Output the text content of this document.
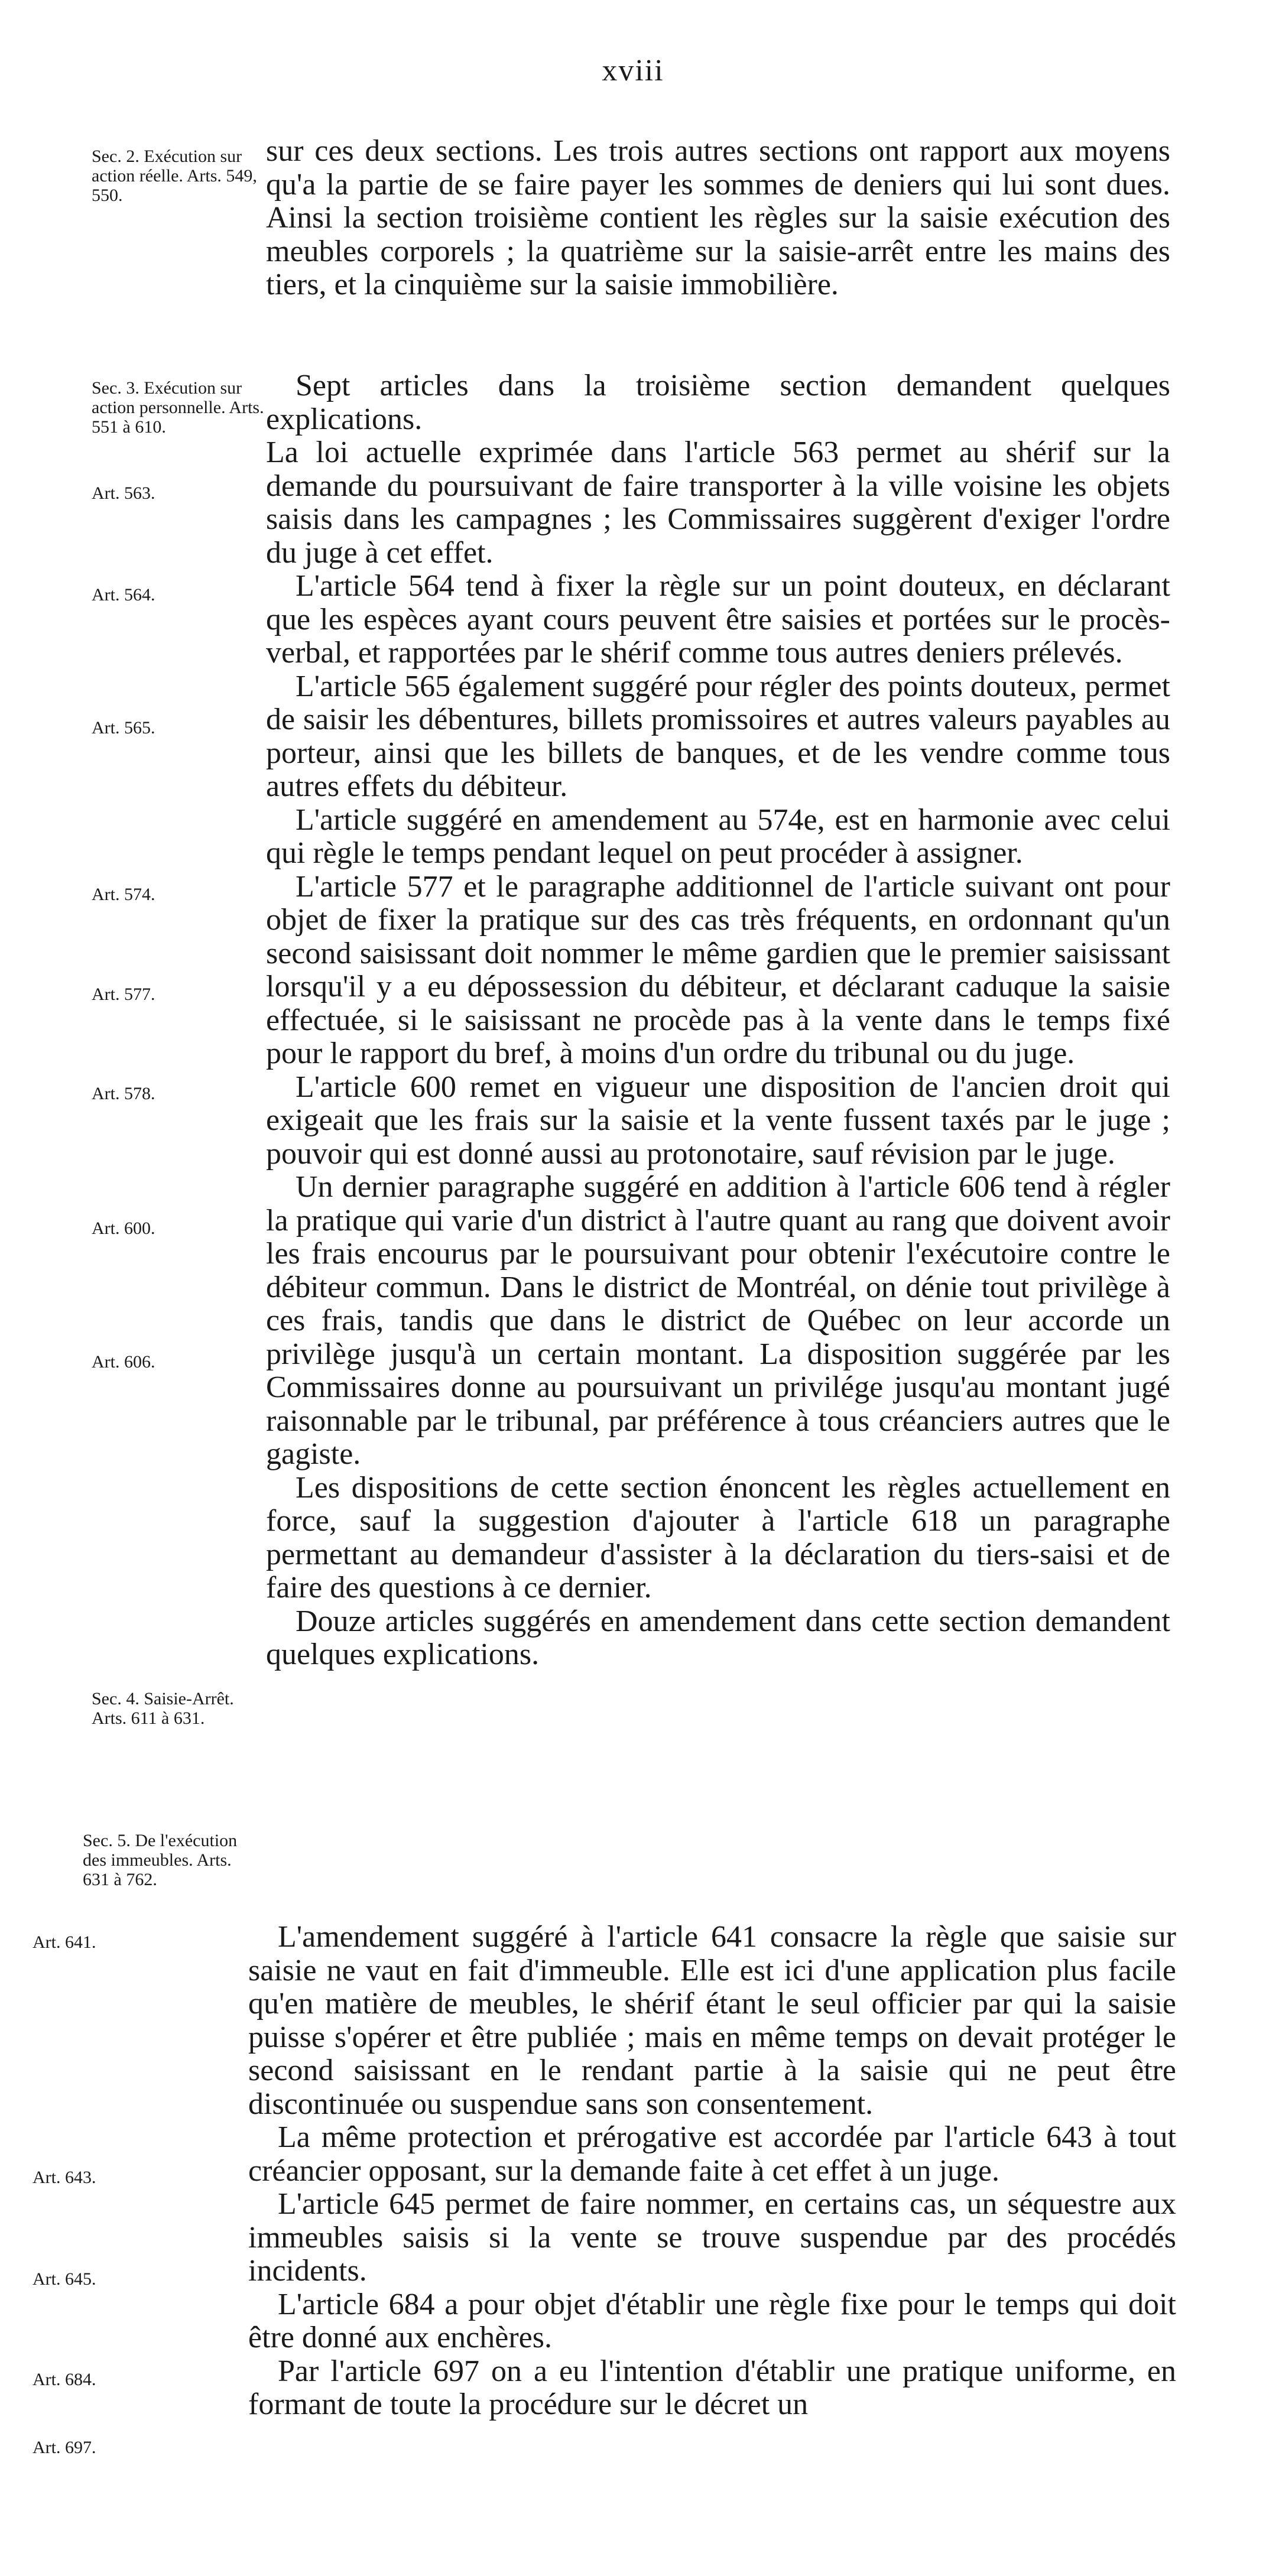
xviii
Sec. 2. Exécution sur action réelle. Arts. 549, 550.
Sec. 3. Exécution sur action personnelle. Arts. 551 à 610.
Art. 563.
Art. 564.
Art. 565.
Art. 574.
Art. 577.
Art. 578.
Art. 600.
Art. 606.
Sec. 4. Saisie-Arrêt. Arts. 611 à 631.
Sec. 5. De l'exécution des immeubles. Arts. 631 à 762.
Art. 641.
Art. 643.
Art. 645.
Art. 684.
Art. 697.

sur ces deux sections. Les trois autres sections ont rapport aux moyens qu'a la partie de se faire payer les sommes de deniers qui lui sont dues. Ainsi la section troisième contient les règles sur la saisie exécution des meubles corporels ; la quatrième sur la saisie-arrêt entre les mains des tiers, et la cinquième sur la saisie immobilière.

Sept articles dans la troisième section demandent quelques explications.

La loi actuelle exprimée dans l'article 563 permet au shérif sur la demande du poursuivant de faire transporter à la ville voisine les objets saisis dans les campagnes ; les Commissaires suggèrent d'exiger l'ordre du juge à cet effet.

L'article 564 tend à fixer la règle sur un point douteux, en déclarant que les espèces ayant cours peuvent être saisies et portées sur le procès-verbal, et rapportées par le shérif comme tous autres deniers prélevés.

L'article 565 également suggéré pour régler des points douteux, permet de saisir les débentures, billets promissoires et autres valeurs payables au porteur, ainsi que les billets de banques, et de les vendre comme tous autres effets du débiteur.

L'article suggéré en amendement au 574e, est en harmonie avec celui qui règle le temps pendant lequel on peut procéder à assigner.

L'article 577 et le paragraphe additionnel de l'article suivant ont pour objet de fixer la pratique sur des cas très fréquents, en ordonnant qu'un second saisissant doit nommer le même gardien que le premier saisissant lorsqu'il y a eu dépossession du débiteur, et déclarant caduque la saisie effectuée, si le saisissant ne procède pas à la vente dans le temps fixé pour le rapport du bref, à moins d'un ordre du tribunal ou du juge.

L'article 600 remet en vigueur une disposition de l'ancien droit qui exigeait que les frais sur la saisie et la vente fussent taxés par le juge ; pouvoir qui est donné aussi au protonotaire, sauf révision par le juge.

Un dernier paragraphe suggéré en addition à l'article 606 tend à régler la pratique qui varie d'un district à l'autre quant au rang que doivent avoir les frais encourus par le poursuivant pour obtenir l'exécutoire contre le débiteur commun. Dans le district de Montréal, on dénie tout privilège à ces frais, tandis que dans le district de Québec on leur accorde un privilège jusqu'à un certain montant. La disposition suggérée par les Commissaires donne au poursuivant un privilége jusqu'au montant jugé raisonnable par le tribunal, par préférence à tous créanciers autres que le gagiste.

Les dispositions de cette section énoncent les règles actuellement en force, sauf la suggestion d'ajouter à l'article 618 un paragraphe permettant au demandeur d'assister à la déclaration du tiers-saisi et de faire des questions à ce dernier.

Douze articles suggérés en amendement dans cette section demandent quelques explications.

L'amendement suggéré à l'article 641 consacre la règle que saisie sur saisie ne vaut en fait d'immeuble. Elle est ici d'une application plus facile qu'en matière de meubles, le shérif étant le seul officier par qui la saisie puisse s'opérer et être publiée ; mais en même temps on devait protéger le second saisissant en le rendant partie à la saisie qui ne peut être discontinuée ou suspendue sans son consentement.

La même protection et prérogative est accordée par l'article 643 à tout créancier opposant, sur la demande faite à cet effet à un juge.

L'article 645 permet de faire nommer, en certains cas, un séquestre aux immeubles saisis si la vente se trouve suspendue par des procédés incidents.

L'article 684 a pour objet d'établir une règle fixe pour le temps qui doit être donné aux enchères.

Par l'article 697 on a eu l'intention d'établir une pratique uniforme, en formant de toute la procédure sur le décret un
